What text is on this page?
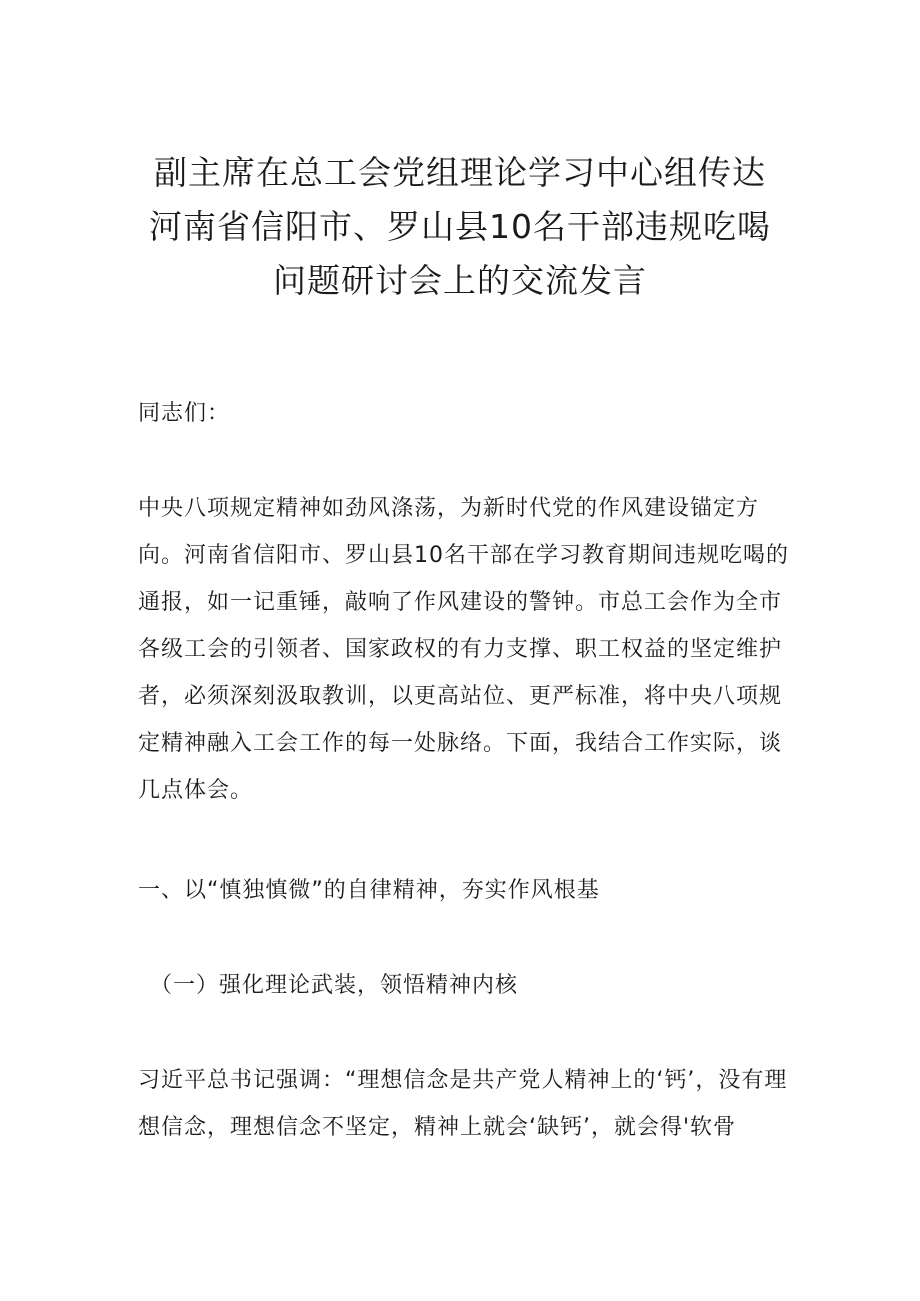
副主席在总工会党组理论学习中心组传达
河南省信阳市、罗山县10名干部违规吃喝
问题研讨会上的交流发言

同志们：

中央八项规定精神如劲风涤荡，为新时代党的作风建设锚定方向。河南省信阳市、罗山县10名干部在学习教育期间违规吃喝的通报，如一记重锤，敲响了作风建设的警钟。市总工会作为全市各级工会的引领者、国家政权的有力支撑、职工权益的坚定维护者，必须深刻汲取教训，以更高站位、更严标准，将中央八项规定精神融入工会工作的每一处脉络。下面，我结合工作实际，谈几点体会。

一、以“慎独慎微”的自律精神，夯实作风根基

（一）强化理论武装，领悟精神内核

习近平总书记强调：“理想信念是共产党人精神上的‘钙’，没有理想信念，理想信念不坚定，精神上就会‘缺钙’，就会得'软骨
